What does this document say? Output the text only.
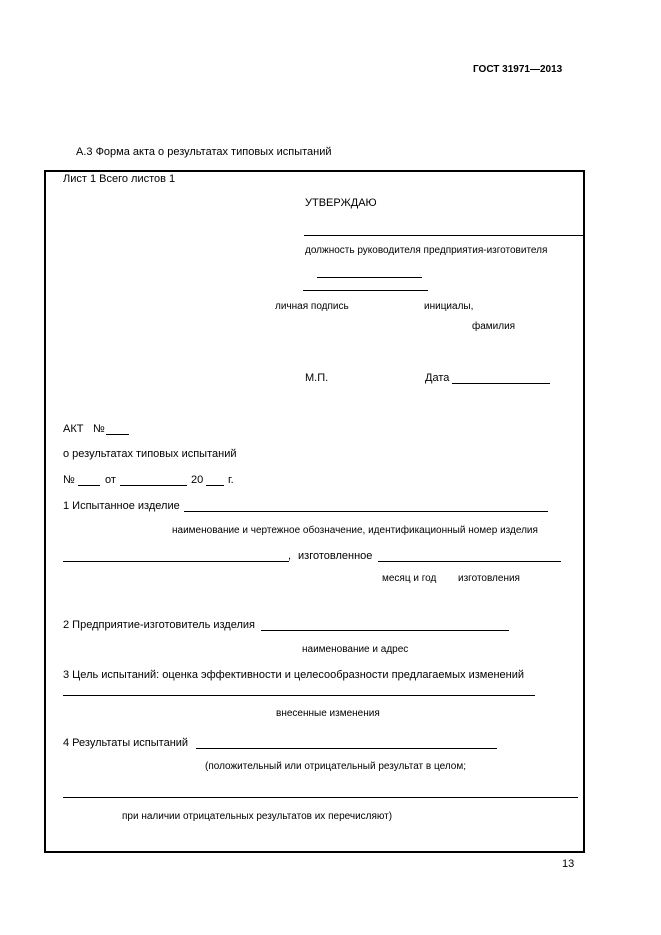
ГОСТ 31971—2013
А.3 Форма акта о результатах типовых испытаний
Лист 1 Всего листов 1
УТВЕРЖДАЮ
должность руководителя предприятия-изготовителя
личная подпись	инициалы,
фамилия
М.П.	Дата
АКТ №
о результатах типовых испытаний
№	от	20 г.
1 Испытанное изделие
наименование и чертежное обозначение, идентификационный номер изделия
, изготовленное
месяц и год изготовления
2 Предприятие-изготовитель изделия
наименование и адрес
3 Цель испытаний: оценка эффективности и целесообразности предлагаемых изменений
внесенные изменения
4 Результаты испытаний
(положительный или отрицательный результат в целом;
при наличии отрицательных результатов их перечисляют)
13
